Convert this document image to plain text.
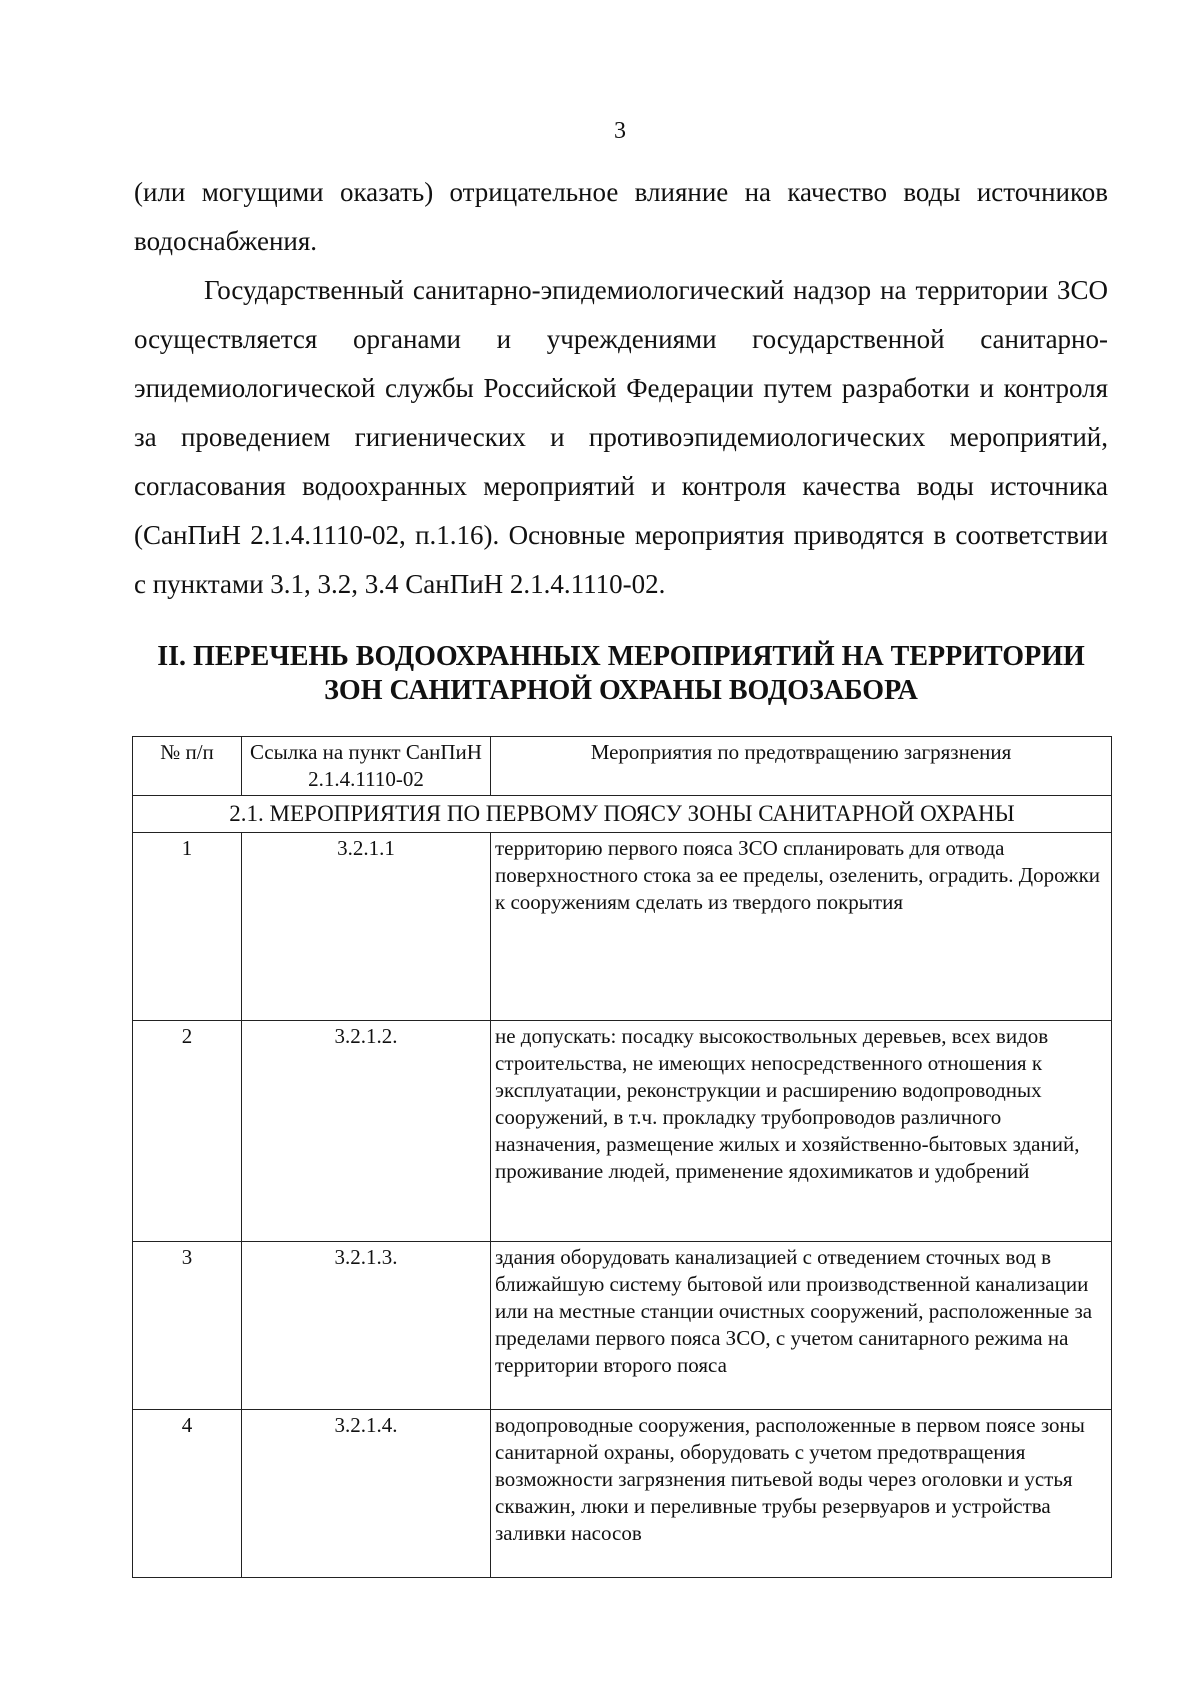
3

(или могущими оказать) отрицательное влияние на качество воды источников водоснабжения.

Государственный санитарно-эпидемиологический надзор на территории ЗСО осуществляется органами и учреждениями государственной санитарно-эпидемиологической службы Российской Федерации путем разработки и контроля за проведением гигиенических и противоэпидемиологических мероприятий, согласования водоохранных мероприятий и контроля качества воды источника (СанПиН 2.1.4.1110-02, п.1.16). Основные мероприятия приводятся в соответствии с пунктами 3.1, 3.2, 3.4 СанПиН 2.1.4.1110-02.

II. ПЕРЕЧЕНЬ ВОДООХРАННЫХ МЕРОПРИЯТИЙ НА ТЕРРИТОРИИ ЗОН САНИТАРНОЙ ОХРАНЫ ВОДОЗАБОРА
№ п/п	Ссылка на пункт СанПиН 2.1.4.1110-02	Мероприятия по предотвращению загрязнения
2.1. МЕРОПРИЯТИЯ ПО ПЕРВОМУ ПОЯСУ ЗОНЫ САНИТАРНОЙ ОХРАНЫ		
1	3.2.1.1	территорию первого пояса ЗСО спланировать для отвода поверхностного стока за ее пределы, озеленить, оградить. Дорожки к сооружениям сделать из твердого покрытия
2	3.2.1.2.	не допускать: посадку высокоствольных деревьев, всех видов строительства, не имеющих непосредственного отношения к эксплуатации, реконструкции и расширению водопроводных сооружений, в т.ч. прокладку трубопроводов различного назначения, размещение жилых и хозяйственно-бытовых зданий, проживание людей, применение ядохимикатов и удобрений
3	3.2.1.3.	здания оборудовать канализацией с отведением сточных вод в ближайшую систему бытовой или производственной канализации или на местные станции очистных сооружений, расположенные за пределами первого пояса ЗСО, с учетом санитарного режима на территории второго пояса
4	3.2.1.4.	водопроводные сооружения, расположенные в первом поясе зоны санитарной охраны, оборудовать с учетом предотвращения возможности загрязнения питьевой воды через оголовки и устья скважин, люки и переливные трубы резервуаров и устройства заливки насосов
